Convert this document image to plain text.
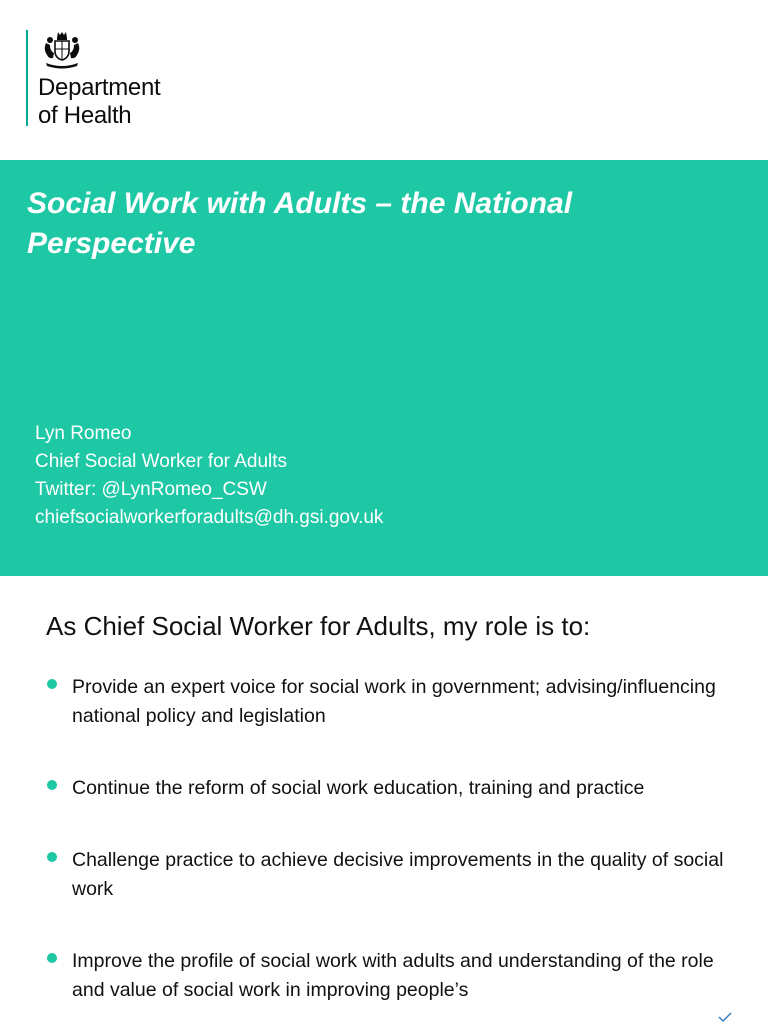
Department
of Health
Social Work with Adults – the National Perspective
Lyn Romeo
Chief Social Worker for Adults
Twitter: @LynRomeo_CSW
chiefsocialworkerforadults@dh.gsi.gov.uk
As Chief Social Worker for Adults, my role is to:
Provide an expert voice for social work in government; advising/influencing national policy and legislation
Continue the reform of social work education, training and practice
Challenge practice to achieve decisive improvements in the quality of social work
Improve the profile of social work with adults and understanding of the role and value of social work in improving people’s
